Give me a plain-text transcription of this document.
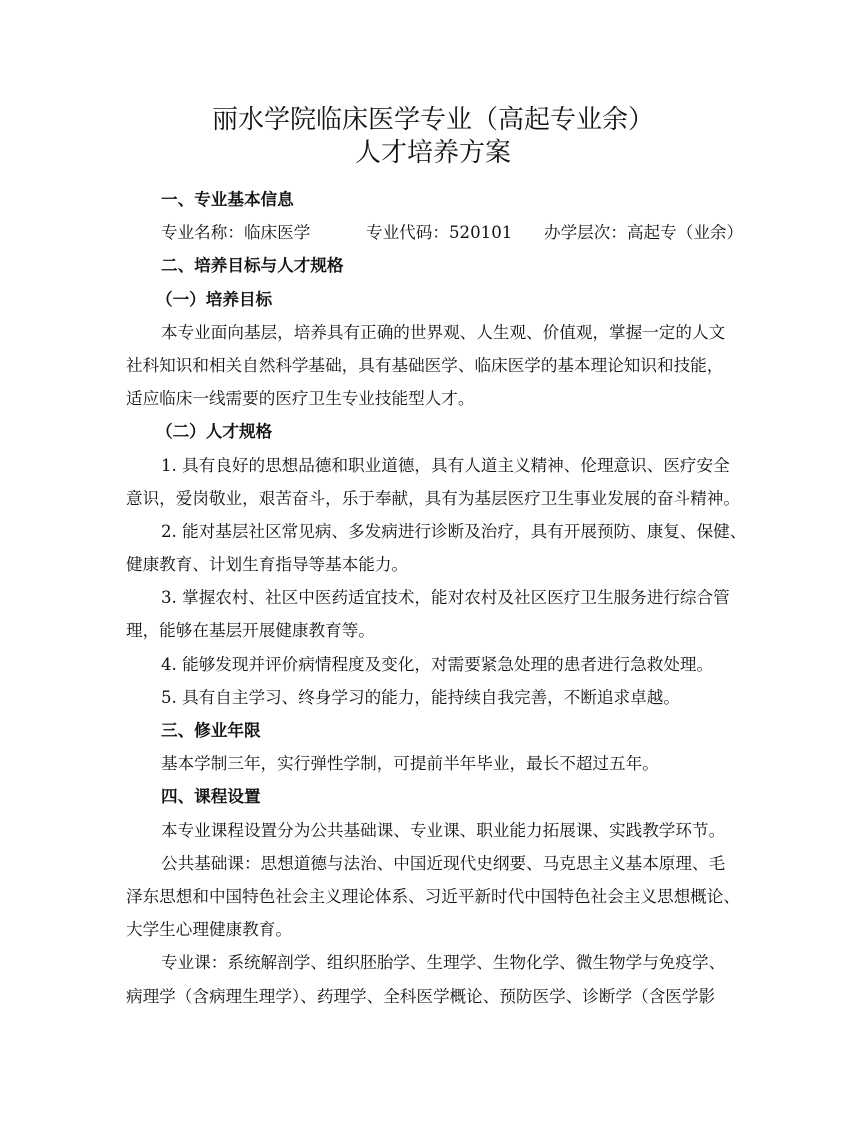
丽水学院临床医学专业（高起专业余）
人才培养方案
一、专业基本信息
专业名称：临床医学	专业代码：520101 办学层次：高起专（业余）
二、培养目标与人才规格
（一）培养目标
本专业面向基层，培养具有正确的世界观、人生观、价值观，掌握一定的人文
社科知识和相关自然科学基础，具有基础医学、临床医学的基本理论知识和技能，
适应临床一线需要的医疗卫生专业技能型人才。
（二）人才规格
1. 具有良好的思想品德和职业道德，具有人道主义精神、伦理意识、医疗安全
意识，爱岗敬业，艰苦奋斗，乐于奉献，具有为基层医疗卫生事业发展的奋斗精神。
2. 能对基层社区常见病、多发病进行诊断及治疗，具有开展预防、康复、保健、
健康教育、计划生育指导等基本能力。
3. 掌握农村、社区中医药适宜技术，能对农村及社区医疗卫生服务进行综合管
理，能够在基层开展健康教育等。
4. 能够发现并评价病情程度及变化，对需要紧急处理的患者进行急救处理。
5. 具有自主学习、终身学习的能力，能持续自我完善，不断追求卓越。
三、修业年限
基本学制三年，实行弹性学制，可提前半年毕业，最长不超过五年。
四、课程设置
本专业课程设置分为公共基础课、专业课、职业能力拓展课、实践教学环节。
公共基础课：思想道德与法治、中国近现代史纲要、马克思主义基本原理、毛
泽东思想和中国特色社会主义理论体系、习近平新时代中国特色社会主义思想概论、
大学生心理健康教育。
专业课：系统解剖学、组织胚胎学、生理学、生物化学、微生物学与免疫学、
病理学（含病理生理学）、药理学、全科医学概论、预防医学、诊断学（含医学影
